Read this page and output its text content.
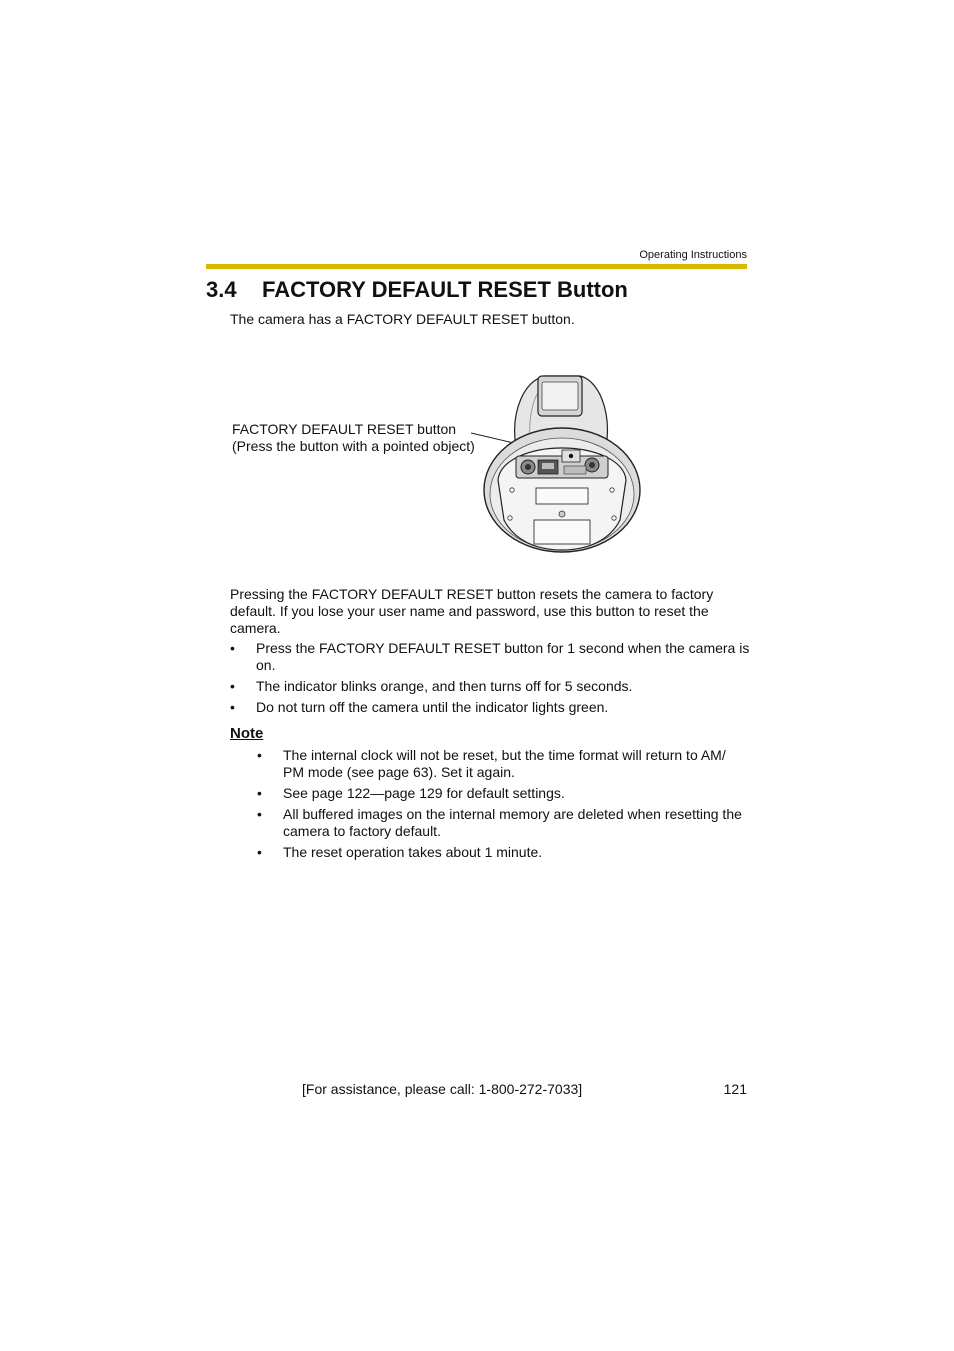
Operating Instructions
3.4 FACTORY DEFAULT RESET Button
The camera has a FACTORY DEFAULT RESET button.
FACTORY DEFAULT RESET button
(Press the button with a pointed object)
Pressing the FACTORY DEFAULT RESET button resets the camera to factory default. If you lose your user name and password, use this button to reset the camera.
• Press the FACTORY DEFAULT RESET button for 1 second when the camera is on.
• The indicator blinks orange, and then turns off for 5 seconds.
• Do not turn off the camera until the indicator lights green.
Note
• The internal clock will not be reset, but the time format will return to AM/ PM mode (see page 63). Set it again.
• See page 122—page 129 for default settings.
• All buffered images on the internal memory are deleted when resetting the camera to factory default.
• The reset operation takes about 1 minute.
[For assistance, please call: 1-800-272-7033]	121
